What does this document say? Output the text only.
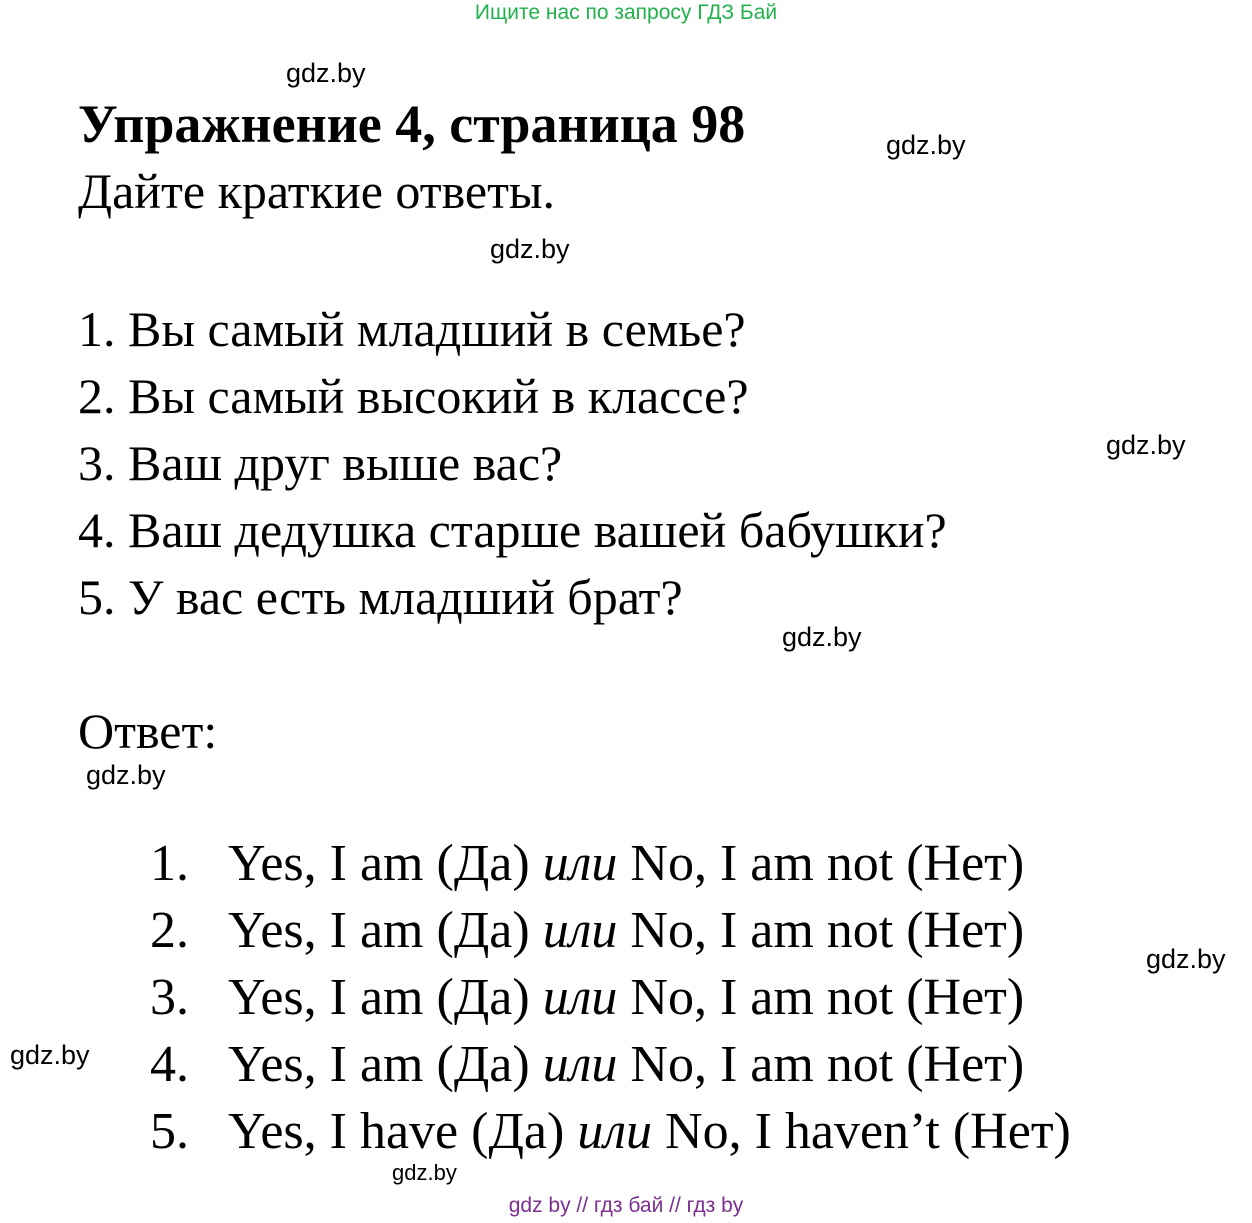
Ищите нас по запросу ГДЗ Бай
gdz.by
Упражнение 4, страница 98	gdz.by
Дайте краткие ответы.
gdz.by
1. Вы самый младший в семье?
2. Вы самый высокий в классе?
3. Ваш друг выше вас?
4. Ваш дедушка старше вашей бабушки?
5. У вас есть младший брат?
gdz.by
gdz.by
Ответ:
gdz.by
1. Yes, I am (Да) или No, I am not (Нет)
2. Yes, I am (Да) или No, I am not (Нет)
3. Yes, I am (Да) или No, I am not (Нет)
4. Yes, I am (Да) или No, I am not (Нет)
5. Yes, I have (Да) или No, I haven’t (Нет)
gdz.by
gdz.by
gdz.by
gdz by // гдз бай // гдз by
